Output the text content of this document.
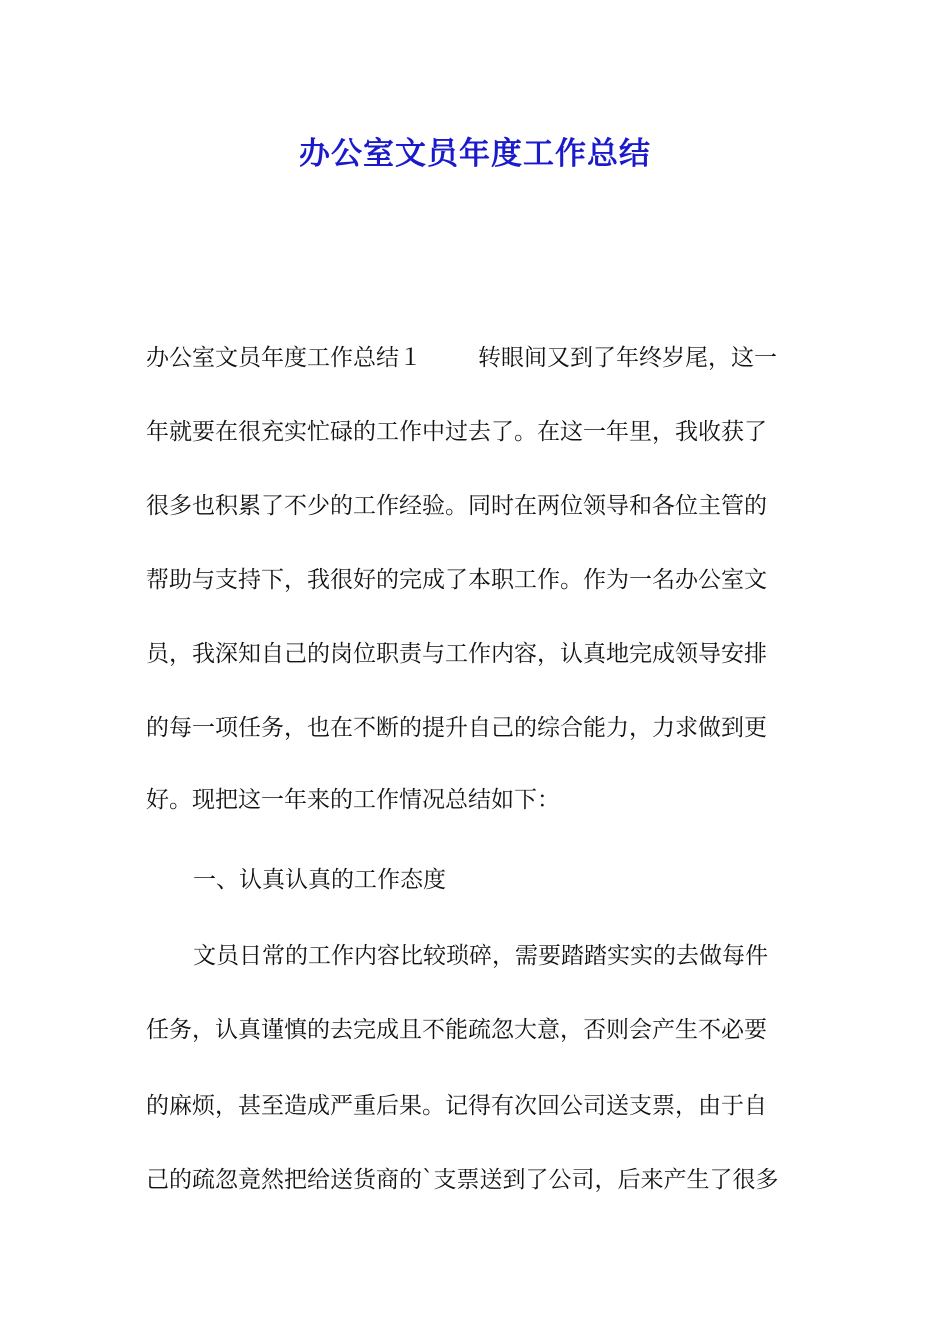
办公室文员年度工作总结
办公室文员年度工作总结１ 转眼间又到了年终岁尾，这一
年就要在很充实忙碌的工作中过去了。在这一年里，我收获了
很多也积累了不少的工作经验。同时在两位领导和各位主管的
帮助与支持下，我很好的完成了本职工作。作为一名办公室文
员，我深知自己的岗位职责与工作内容，认真地完成领导安排
的每一项任务，也在不断的提升自己的综合能力，力求做到更
好。现把这一年来的工作情况总结如下：
一、认真认真的工作态度
文员日常的工作内容比较琐碎，需要踏踏实实的去做每件
任务，认真谨慎的去完成且不能疏忽大意，否则会产生不必要
的麻烦，甚至造成严重后果。记得有次回公司送支票，由于自
己的疏忽竟然把给送货商的`支票送到了公司，后来产生了很多
